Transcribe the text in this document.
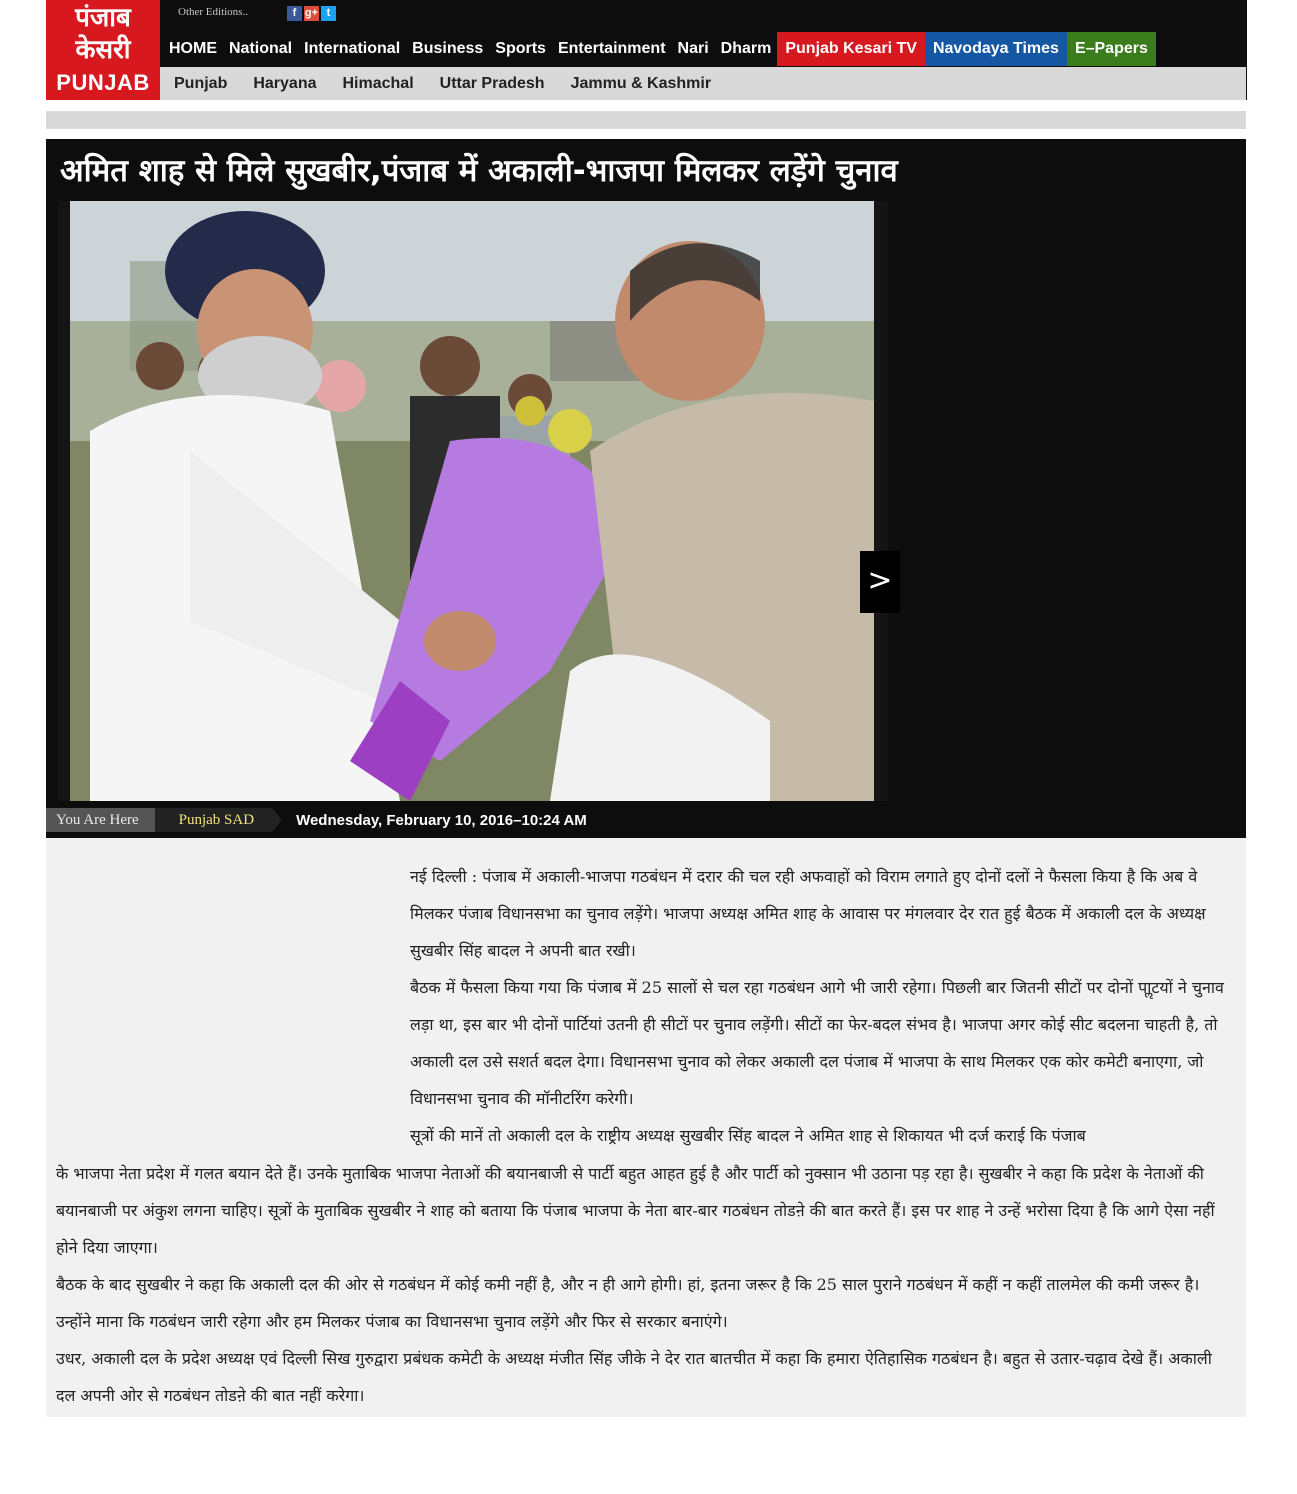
पंजाब
केसरी
PUNJAB
Other Editions..	f g+ t
HOME National International Business Sports Entertainment Nari Dharm Punjab Kesari TV	Navodaya Times	E–Papers
Punjab	Haryana	Himachal	Uttar Pradesh	Jammu & Kashmir
अमित शाह से मिले सुखबीर,पंजाब में अकाली-भाजपा मिलकर लड़ेंगे चुनाव
>
You Are Here	Punjab SAD	Wednesday, February 10, 2016–10:24 AM

नई दिल्ली : पंजाब में अकाली-भाजपा गठबंधन में दरार की चल रही अफवाहों को विराम लगाते हुए दोनों दलों ने फैसला किया है कि अब वे मिलकर पंजाब विधानसभा का चुनाव लड़ेंगे। भाजपा अध्यक्ष अमित शाह के आवास पर मंगलवार देर रात हुई बैठक में अकाली दल के अध्यक्ष सुखबीर सिंह बादल ने अपनी बात रखी।

बैठक में फैसला किया गया कि पंजाब में 25 सालों से चल रहा गठबंधन आगे भी जारी रहेगा। पिछली बार जितनी सीटों पर दोनों पाॢटयों ने चुनाव लड़ा था, इस बार भी दोनों पार्टियां उतनी ही सीटों पर चुनाव लड़ेंगी। सीटों का फेर-बदल संभव है। भाजपा अगर कोई सीट बदलना चाहती है, तो अकाली दल उसे सशर्त बदल देगा। विधानसभा चुनाव को लेकर अकाली दल पंजाब में भाजपा के साथ मिलकर एक कोर कमेटी बनाएगा, जो विधानसभा चुनाव की मॉनीटरिंग करेगी।

सूत्रों की मानें तो अकाली दल के राष्ट्रीय अध्यक्ष सुखबीर सिंह बादल ने अमित शाह से शिकायत भी दर्ज कराई कि पंजाब

के भाजपा नेता प्रदेश में गलत बयान देते हैं। उनके मुताबिक भाजपा नेताओं की बयानबाजी से पार्टी बहुत आहत हुई है और पार्टी को नुक्सान भी उठाना पड़ रहा है। सुखबीर ने कहा कि प्रदेश के नेताओं की बयानबाजी पर अंकुश लगना चाहिए। सूत्रों के मुताबिक सुखबीर ने शाह को बताया कि पंजाब भाजपा के नेता बार-बार गठबंधन तोडऩे की बात करते हैं। इस पर शाह ने उन्हें भरोसा दिया है कि आगे ऐसा नहीं होने दिया जाएगा।

बैठक के बाद सुखबीर ने कहा कि अकाली दल की ओर से गठबंधन में कोई कमी नहीं है, और न ही आगे होगी। हां, इतना जरूर है कि 25 साल पुराने गठबंधन में कहीं न कहीं तालमेल की कमी जरूर है। उन्होंने माना कि गठबंधन जारी रहेगा और हम मिलकर पंजाब का विधानसभा चुनाव लड़ेंगे और फिर से सरकार बनाएंगे।

उधर, अकाली दल के प्रदेश अध्यक्ष एवं दिल्ली सिख गुरुद्वारा प्रबंधक कमेटी के अध्यक्ष मंजीत सिंह जीके ने देर रात बातचीत में कहा कि हमारा ऐतिहासिक गठबंधन है। बहुत से उतार-चढ़ाव देखे हैं। अकाली दल अपनी ओर से गठबंधन तोडऩे की बात नहीं करेगा।
